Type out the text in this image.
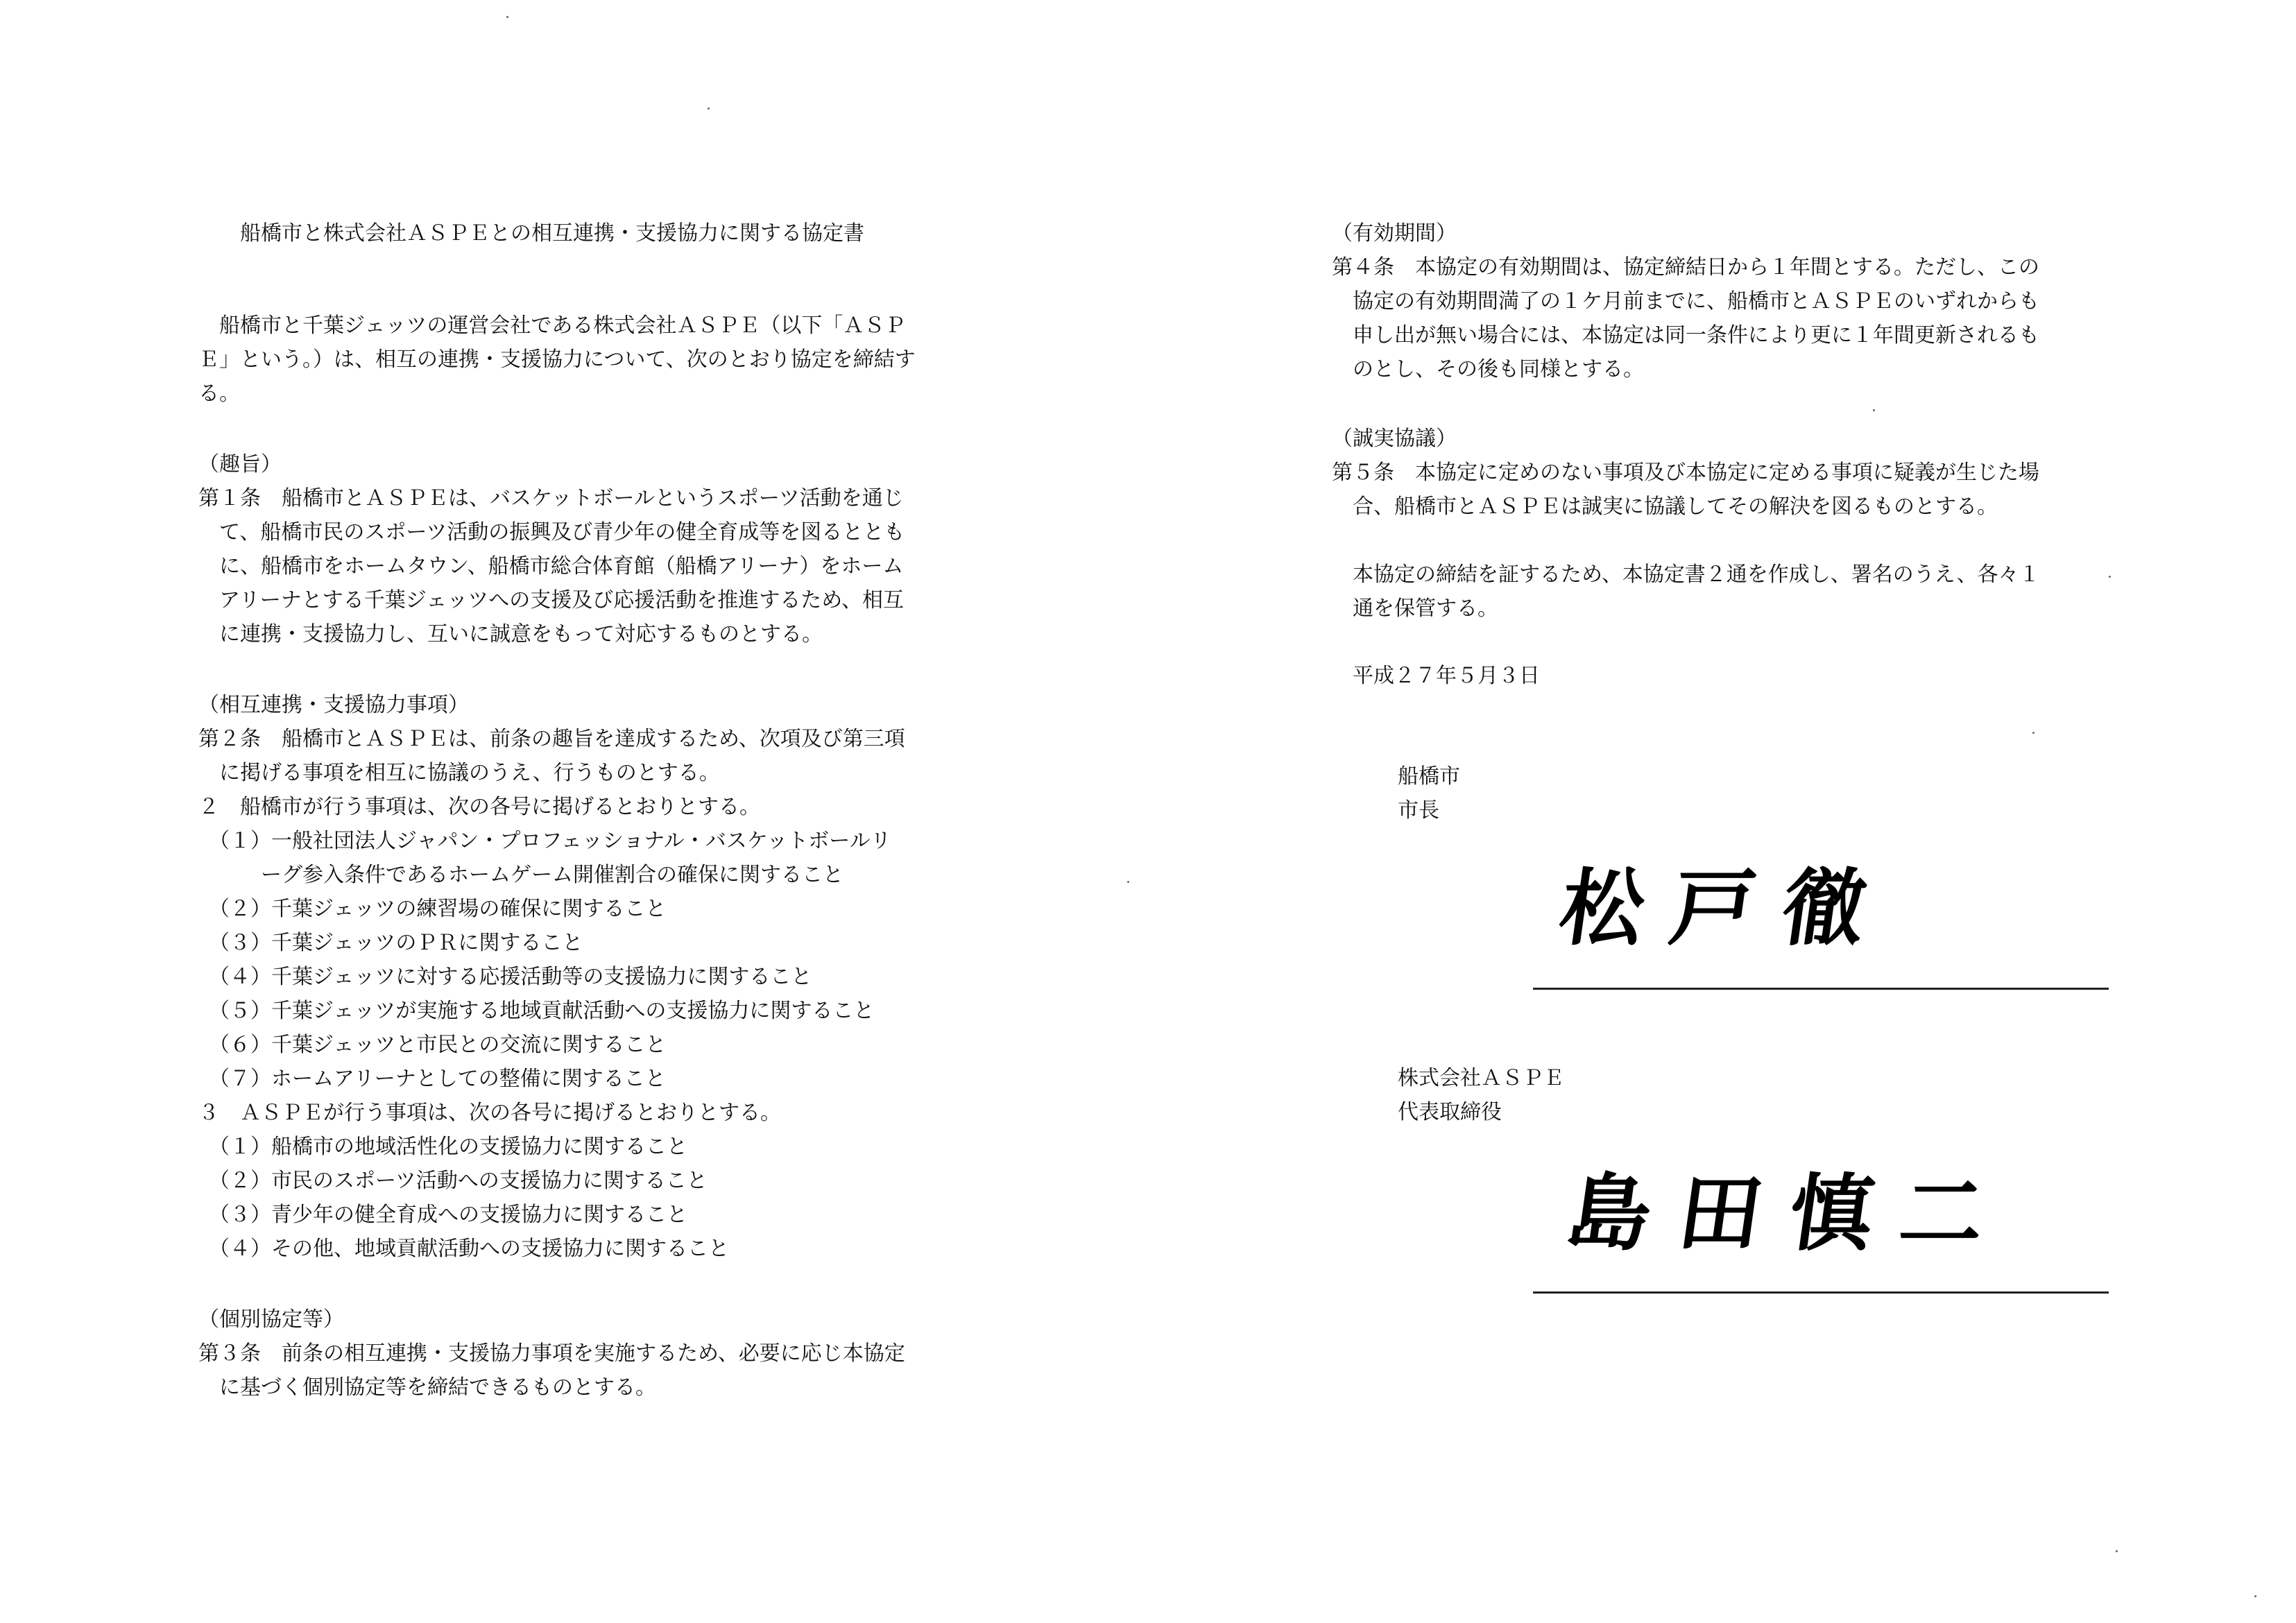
船橋市と株式会社ＡＳＰＥとの相互連携・支援協力に関する協定書
　船橋市と千葉ジェッツの運営会社である株式会社ＡＳＰＥ（以下「ＡＳＰ
Ｅ」という。）は、相互の連携・支援協力について、次のとおり協定を締結す
る。
（趣旨）
第１条　船橋市とＡＳＰＥは、バスケットボールというスポーツ活動を通じ
　て、船橋市民のスポーツ活動の振興及び青少年の健全育成等を図るととも
　に、船橋市をホームタウン、船橋市総合体育館（船橋アリーナ）をホーム
　アリーナとする千葉ジェッツへの支援及び応援活動を推進するため、相互
　に連携・支援協力し、互いに誠意をもって対応するものとする。
（相互連携・支援協力事項）
第２条　船橋市とＡＳＰＥは、前条の趣旨を達成するため、次項及び第三項
　に掲げる事項を相互に協議のうえ、行うものとする。
２　船橋市が行う事項は、次の各号に掲げるとおりとする。
　（１）一般社団法人ジャパン・プロフェッショナル・バスケットボールリ
　　　ーグ参入条件であるホームゲーム開催割合の確保に関すること
　（２）千葉ジェッツの練習場の確保に関すること
　（３）千葉ジェッツのＰＲに関すること
　（４）千葉ジェッツに対する応援活動等の支援協力に関すること
　（５）千葉ジェッツが実施する地域貢献活動への支援協力に関すること
　（６）千葉ジェッツと市民との交流に関すること
　（７）ホームアリーナとしての整備に関すること
３　ＡＳＰＥが行う事項は、次の各号に掲げるとおりとする。
　（１）船橋市の地域活性化の支援協力に関すること
　（２）市民のスポーツ活動への支援協力に関すること
　（３）青少年の健全育成への支援協力に関すること
　（４）その他、地域貢献活動への支援協力に関すること
（個別協定等）
第３条　前条の相互連携・支援協力事項を実施するため、必要に応じ本協定
　に基づく個別協定等を締結できるものとする。
（有効期間）
第４条　本協定の有効期間は、協定締結日から１年間とする。ただし、この
　協定の有効期間満了の１ケ月前までに、船橋市とＡＳＰＥのいずれからも
　申し出が無い場合には、本協定は同一条件により更に１年間更新されるも
　のとし、その後も同様とする。
（誠実協議）
第５条　本協定に定めのない事項及び本協定に定める事項に疑義が生じた場
　合、船橋市とＡＳＰＥは誠実に協議してその解決を図るものとする。
　本協定の締結を証するため、本協定書２通を作成し、署名のうえ、各々１
　通を保管する。
平成２７年５月３日
船橋市
市長
松戸徹
株式会社ＡＳＰＥ
代表取締役
島田慎二
